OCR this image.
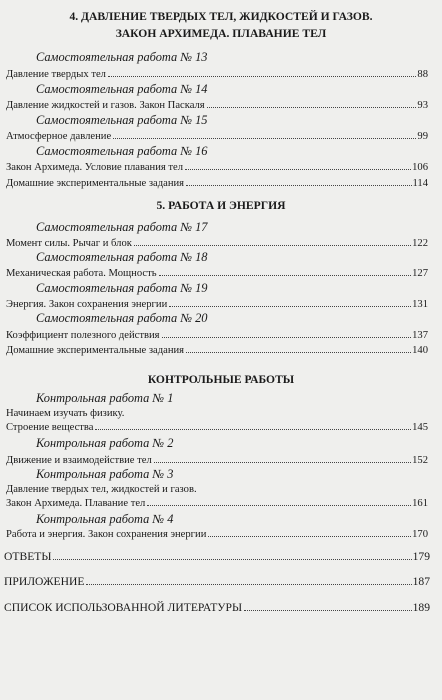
4. ДАВЛЕНИЕ ТВЕРДЫХ ТЕЛ, ЖИДКОСТЕЙ И ГАЗОВ.
ЗАКОН АРХИМЕДА. ПЛАВАНИЕ ТЕЛ
Самостоятельная работа № 13
Давление твердых тел	88
Самостоятельная работа № 14
Давление жидкостей и газов. Закон Паскаля	93
Самостоятельная работа № 15
Атмосферное давление	99
Самостоятельная работа № 16
Закон Архимеда. Условие плавания тел	106
Домашние экспериментальные задания	114
5. РАБОТА И ЭНЕРГИЯ
Самостоятельная работа № 17
Момент силы. Рычаг и блок	122
Самостоятельная работа № 18
Механическая работа. Мощность	127
Самостоятельная работа № 19
Энергия. Закон сохранения энергии	131
Самостоятельная работа № 20
Коэффициент полезного действия	137
Домашние экспериментальные задания	140
КОНТРОЛЬНЫЕ РАБОТЫ
Контрольная работа № 1
Начинаем изучать физику.
Строение вещества	145
Контрольная работа № 2
Движение и взаимодействие тел	152
Контрольная работа № 3
Давление твердых тел, жидкостей и газов.
Закон Архимеда. Плавание тел	161
Контрольная работа № 4
Работа и энергия. Закон сохранения энергии	170
ОТВЕТЫ	179
ПРИЛОЖЕНИЕ	187
СПИСОК ИСПОЛЬЗОВАННОЙ ЛИТЕРАТУРЫ	189
